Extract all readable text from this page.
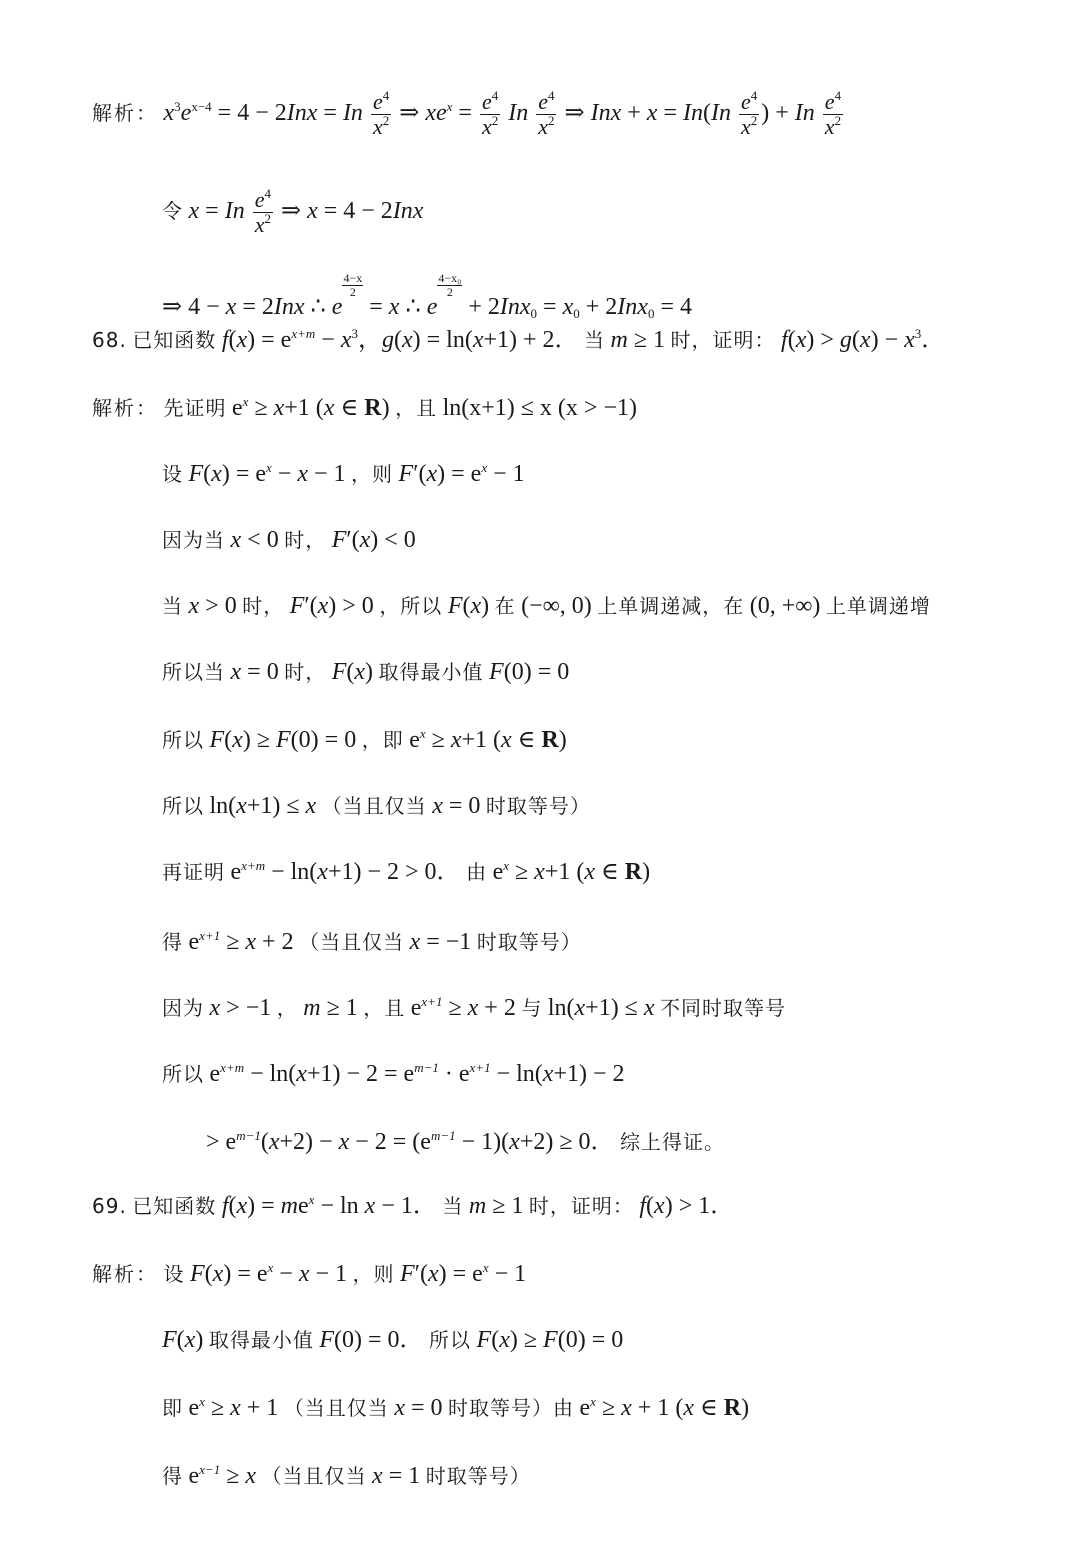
解析： $x^3e^{x-4} = 4 - 2Inx = In \frac{e^4}{x^2}$ ⇒ $xe^x = \frac{e^4}{x^2}$ In $\frac{e^4}{x^2}$ ⇒ Inx + $x = In(In \frac{e^4}{x^2}$ ) + In $\frac{e^4}{x^2}$
令 x = In $\frac{e^4}{x^2}$ ⇒ x = 4 − 2Inx
⇒ 4 − x = 2Inx ∴ e
$\frac{4-x}{2}$
= x ∴ e
$\frac{\text{4−x₀}}{2}$
+ $2Inx_0 = x_0 + 2Inx_0 = 4$
68. 已知函数 $f(x) = e^{x+m} - x^3$，g(x) = ln(x+1) + 2． 当 m ≥ 1 时，证明： $f(x) > g(x) - x^3$．
解析： 先证明 $e^x \ge x+1$ (x ∈ R) ，且 ln(x+1) ≤ x (x > −1)
设 $F(x) = e^x - x - 1$ ，则 $F'(x) = e^x - 1$
因为当 x < 0 时， F′(x) < 0
当 x > 0 时， F′(x) > 0 ，所以 F(x) 在 (−∞, 0) 上单调递减，在 (0, +∞) 上单调递增
所以当 x = 0 时， F(x) 取得最小值 F(0) = 0
所以 F(x) ≥ F(0) = 0 ，即 $e^x \ge x+1$ (x ∈ R)
所以 ln(x+1) ≤ x （当且仅当 x = 0 时取等号）
再证明 $e^{x+m} - \ln(x+1) - 2 > 0$． 由 $e^x \ge x+1$ (x ∈ R)
得 $e^{x+1} \ge x + 2$ （当且仅当 x = −1 时取等号）
因为 x > −1 ， m ≥ 1 ，且 $e^{x+1} \ge x + 2$ 与 ln(x+1) ≤ x 不同时取等号
所以 $e^{x+m} - \ln(x+1) - 2 = e^{m-1} \cdot e^{x+1} - \ln(x+1) - 2$
> $e^{m-1}(x+2) - x - 2 = (e^{m-1} - 1)(x+2) \ge 0$． 综上得证。
69. 已知函数 $f(x) = me^x - \ln x - 1$． 当 m ≥ 1 时，证明： f(x) > 1．
解析： 设 $F(x) = e^x - x - 1$ ，则 $F'(x) = e^x - 1$
F(x) 取得最小值 F(0) = 0． 所以 F(x) ≥ F(0) = 0
即 $e^x \ge x + 1$ （当且仅当 x = 0 时取等号）由 $e^x \ge x + 1$ (x ∈ R)
得 $e^{x-1} \ge x$ （当且仅当 x = 1 时取等号）
